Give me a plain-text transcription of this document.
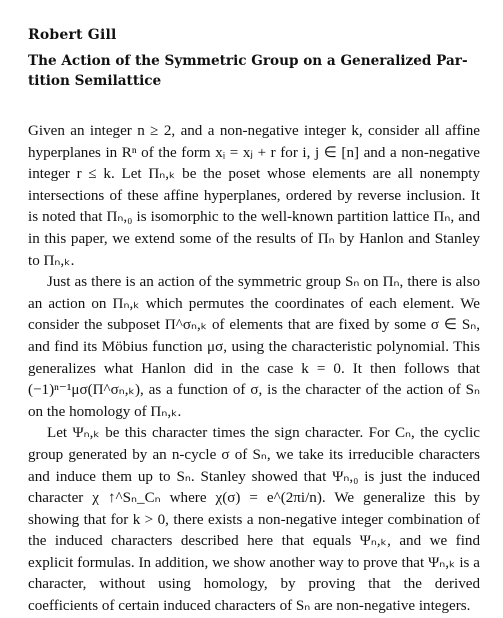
Robert Gill
The Action of the Symmetric Group on a Generalized Par-
tition Semilattice

Given an integer n ≥ 2, and a non-negative integer k, consider all affine hyperplanes in Rⁿ of the form xᵢ = xⱼ + r for i, j ∈ [n] and a non-negative integer r ≤ k. Let Πₙ,ₖ be the poset whose elements are all nonempty intersections of these affine hyperplanes, ordered by reverse inclusion. It is noted that Πₙ,₀ is isomorphic to the well-known partition lattice Πₙ, and in this paper, we extend some of the results of Πₙ by Hanlon and Stanley to Πₙ,ₖ.

Just as there is an action of the symmetric group Sₙ on Πₙ, there is also an action on Πₙ,ₖ which permutes the coordinates of each element. We consider the subposet Π^σₙ,ₖ of elements that are fixed by some σ ∈ Sₙ, and find its Möbius function μσ, using the characteristic polynomial. This generalizes what Hanlon did in the case k = 0. It then follows that (−1)ⁿ⁻¹μσ(Π^σₙ,ₖ), as a function of σ, is the character of the action of Sₙ on the homology of Πₙ,ₖ.

Let Ψₙ,ₖ be this character times the sign character. For Cₙ, the cyclic group generated by an n-cycle σ of Sₙ, we take its irreducible characters and induce them up to Sₙ. Stanley showed that Ψₙ,₀ is just the induced character χ ↑^Sₙ_Cₙ where χ(σ) = e^(2πi/n). We generalize this by showing that for k > 0, there exists a non-negative integer combination of the induced characters described here that equals Ψₙ,ₖ, and we find explicit formulas. In addition, we show another way to prove that Ψₙ,ₖ is a character, without using homology, by proving that the derived coefficients of certain induced characters of Sₙ are non-negative integers.
